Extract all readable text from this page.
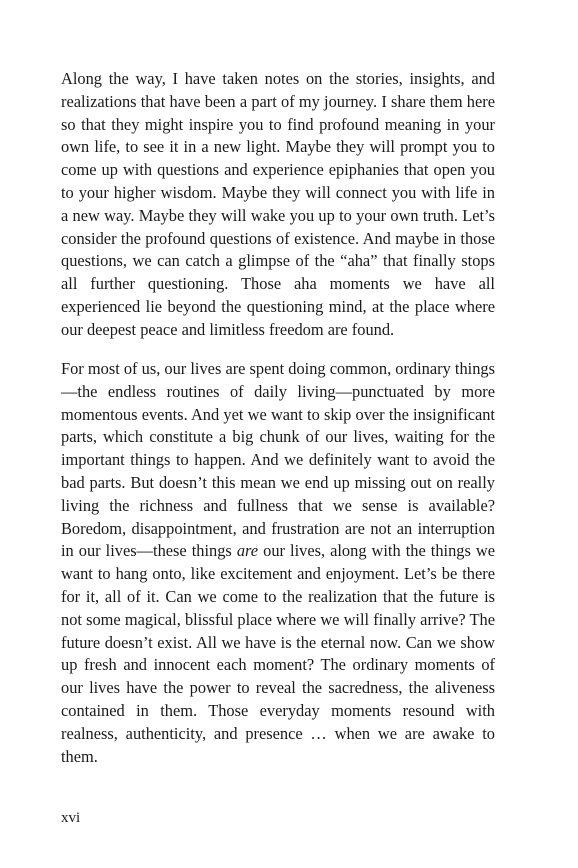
Along the way, I have taken notes on the stories, insights, and realizations that have been a part of my journey. I share them here so that they might inspire you to find profound meaning in your own life, to see it in a new light. Maybe they will prompt you to come up with questions and experience epiphanies that open you to your higher wisdom. Maybe they will connect you with life in a new way. Maybe they will wake you up to your own truth. Let’s consider the profound questions of existence. And maybe in those questions, we can catch a glimpse of the “aha” that finally stops all further questioning. Those aha moments we have all experienced lie beyond the questioning mind, at the place where our deepest peace and limitless freedom are found.

For most of us, our lives are spent doing common, ordinary things—the endless routines of daily living—punctuated by more momentous events. And yet we want to skip over the insignificant parts, which constitute a big chunk of our lives, waiting for the important things to happen. And we definitely want to avoid the bad parts. But doesn’t this mean we end up missing out on really living the richness and fullness that we sense is available? Boredom, disappointment, and frustration are not an interruption in our lives—these things are our lives, along with the things we want to hang onto, like excitement and enjoyment. Let’s be there for it, all of it. Can we come to the realization that the future is not some magical, blissful place where we will finally arrive? The future doesn’t exist. All we have is the eternal now. Can we show up fresh and innocent each moment? The ordinary moments of our lives have the power to reveal the sacredness, the aliveness contained in them. Those everyday moments resound with realness, authenticity, and presence … when we are awake to them.

xvi
